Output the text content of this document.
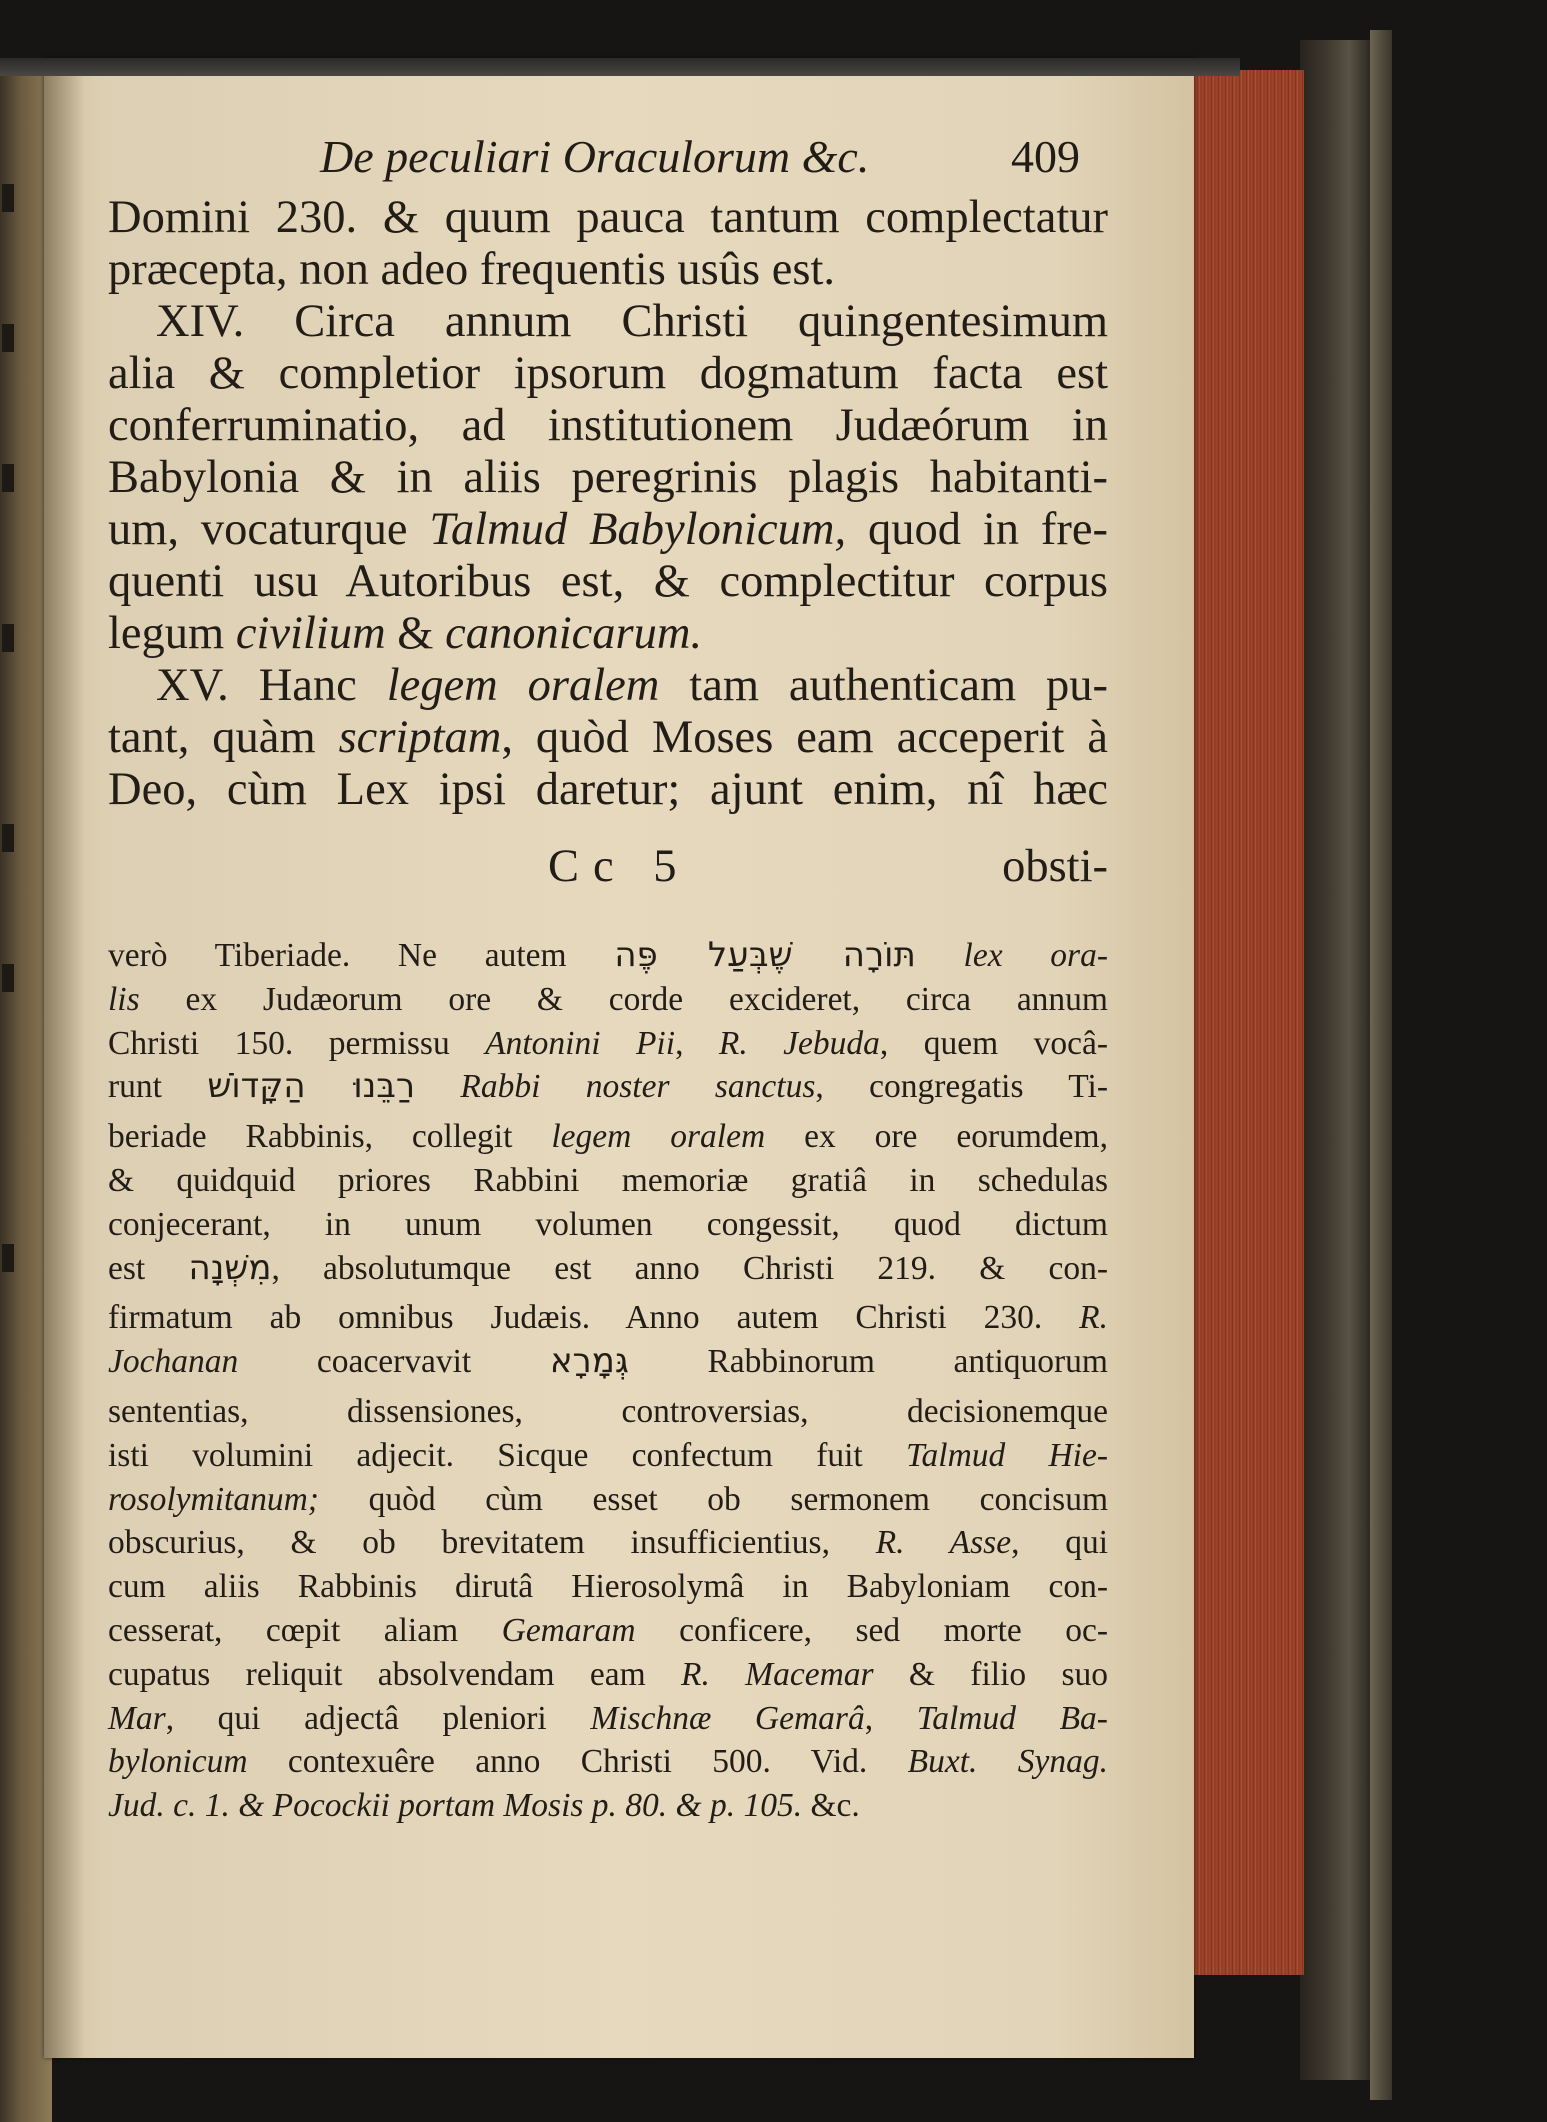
De peculiari Oraculorum &c.	409
Domini 230. & quum pauca tantum complectatur
præcepta, non adeo frequentis usûs est.
XIV. Circa annum Christi quingentesimum
alia & completior ipsorum dogmatum facta est
conferruminatio, ad institutionem Judæórum in
Babylonia & in aliis peregrinis plagis habitanti-
um, vocaturque Talmud Babylonicum, quod in fre-
quenti usu Autoribus est, & complectitur corpus
legum civilium & canonicarum.
XV. Hanc legem oralem tam authenticam pu-
tant, quàm scriptam, quòd Moses eam acceperit à
Deo, cùm Lex ipsi daretur; ajunt enim, nî hæc
Cc 5	obsti-
verò Tiberiade. Ne autem תּוֹרָה שֶׁבְּעַל פֶּה lex ora-
lis ex Judæorum ore & corde excideret, circa annum
Christi 150. permissu Antonini Pii, R. Jebuda, quem vocâ-
runt רַבֵּנוּ הַקָּדוֹשׁ Rabbi noster sanctus, congregatis Ti-
beriade Rabbinis, collegit legem oralem ex ore eorumdem,
& quidquid priores Rabbini memoriæ gratiâ in schedulas
conjecerant, in unum volumen congessit, quod dictum
est מִשְׁנָה, absolutumque est anno Christi 219. & con-
firmatum ab omnibus Judæis. Anno autem Christi 230. R.
Jochanan coacervavit גְּמָרָא Rabbinorum antiquorum
sententias, dissensiones, controversias, decisionemque
isti volumini adjecit. Sicque confectum fuit Talmud Hie-
rosolymitanum; quòd cùm esset ob sermonem concisum
obscurius, & ob brevitatem insufficientius, R. Asse, qui
cum aliis Rabbinis dirutâ Hierosolymâ in Babyloniam con-
cesserat, cœpit aliam Gemaram conficere, sed morte oc-
cupatus reliquit absolvendam eam R. Macemar & filio suo
Mar, qui adjectâ pleniori Mischnæ Gemarâ, Talmud Ba-
bylonicum contexuêre anno Christi 500. Vid. Buxt. Synag.
Jud. c. 1. & Pocockii portam Mosis p. 80. & p. 105. &c.
